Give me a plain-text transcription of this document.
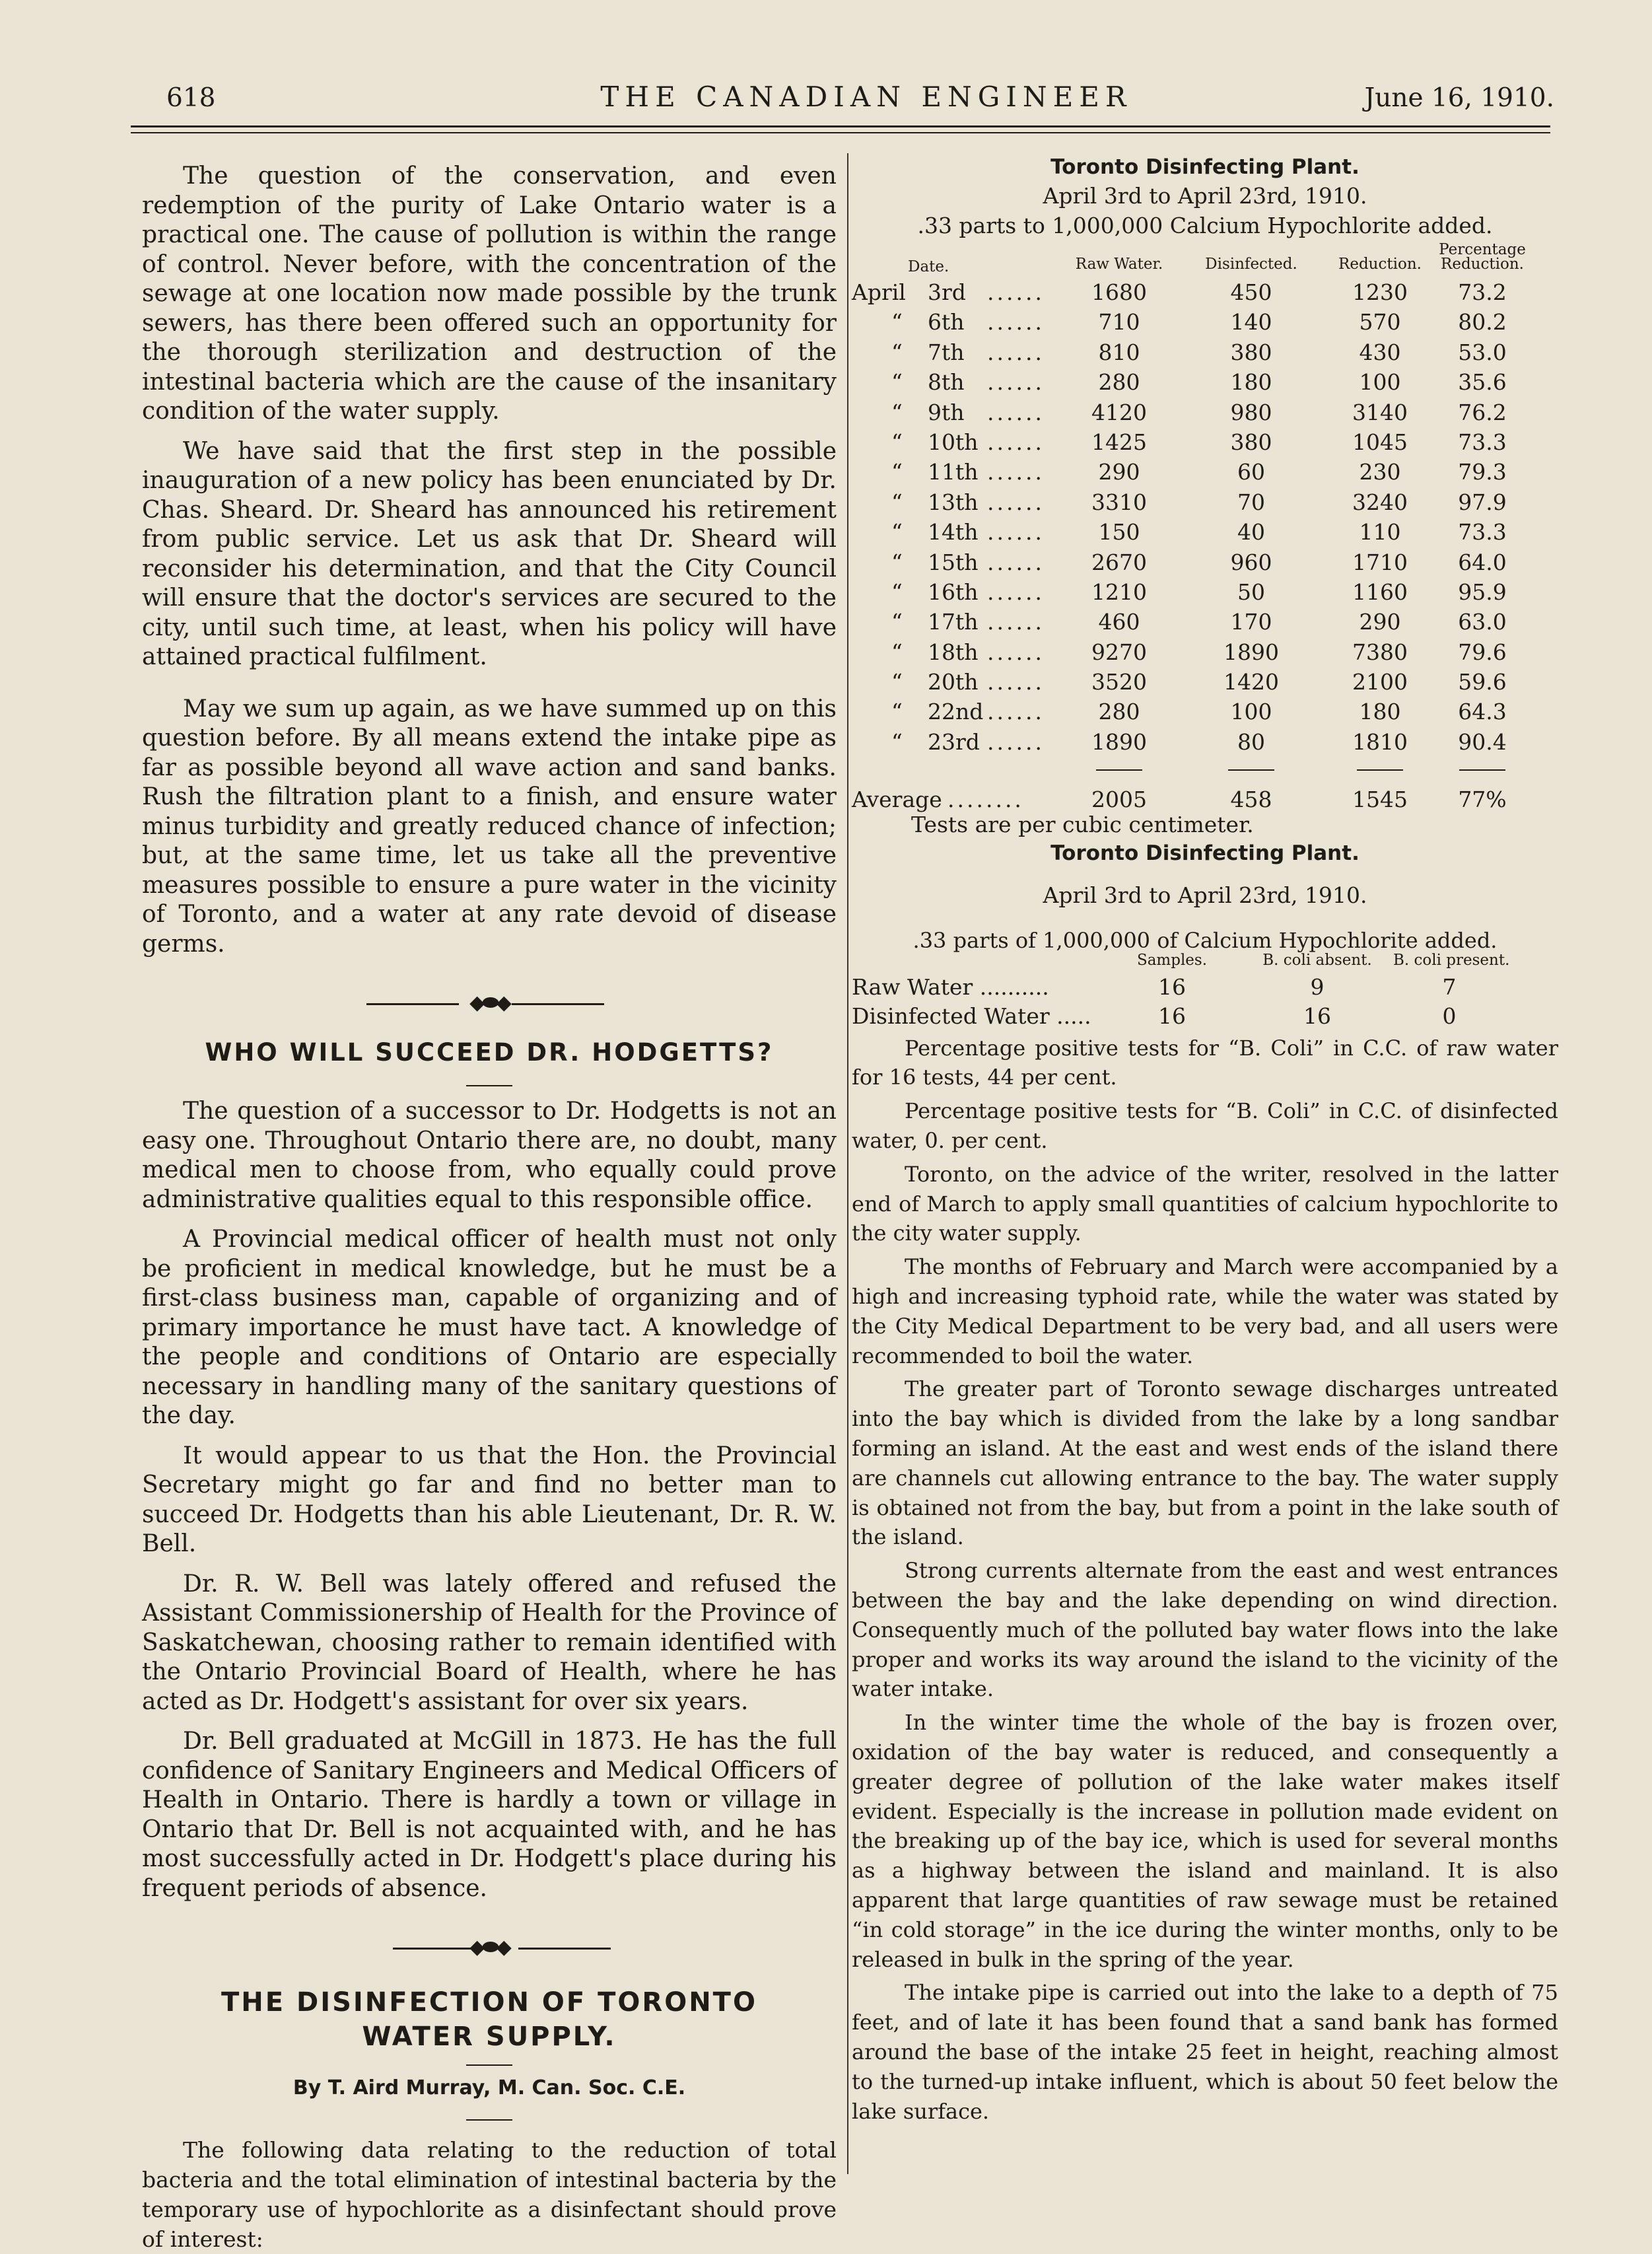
618	THE CANADIAN ENGINEER	June 16, 1910.

The question of the conservation, and even redemption of the purity of Lake Ontario water is a practical one. The cause of pollution is within the range of control. Never before, with the concentration of the sewage at one location now made possible by the trunk sewers, has there been offered such an opportunity for the thorough sterilization and destruction of the intestinal bacteria which are the cause of the insanitary condition of the water supply.

We have said that the first step in the possible inauguration of a new policy has been enunciated by Dr. Chas. Sheard. Dr. Sheard has announced his retirement from public service. Let us ask that Dr. Sheard will reconsider his determination, and that the City Council will ensure that the doctor's services are secured to the city, until such time, at least, when his policy will have attained practical fulfilment.

May we sum up again, as we have summed up on this question before. By all means extend the intake pipe as far as possible beyond all wave action and sand banks. Rush the filtration plant to a finish, and ensure water minus turbidity and greatly reduced chance of infection; but, at the same time, let us take all the preventive measures possible to ensure a pure water in the vicinity of Toronto, and a water at any rate devoid of disease germs.

◆⬬◆
WHO WILL SUCCEED DR. HODGETTS?

The question of a successor to Dr. Hodgetts is not an easy one. Throughout Ontario there are, no doubt, many medical men to choose from, who equally could prove administrative qualities equal to this responsible office.

A Provincial medical officer of health must not only be proficient in medical knowledge, but he must be a first-class business man, capable of organizing and of primary importance he must have tact. A knowledge of the people and conditions of Ontario are especially necessary in handling many of the sanitary questions of the day.

It would appear to us that the Hon. the Provincial Secretary might go far and find no better man to succeed Dr. Hodgetts than his able Lieutenant, Dr. R. W. Bell.

Dr. R. W. Bell was lately offered and refused the Assistant Commissionership of Health for the Province of Saskatchewan, choosing rather to remain identified with the Ontario Provincial Board of Health, where he has acted as Dr. Hodgett's assistant for over six years.

Dr. Bell graduated at McGill in 1873. He has the full confidence of Sanitary Engineers and Medical Officers of Health in Ontario. There is hardly a town or village in Ontario that Dr. Bell is not acquainted with, and he has most successfully acted in Dr. Hodgett's place during his frequent periods of absence.

◆⬬◆
THE DISINFECTION OF TORONTO WATER SUPPLY.
By T. Aird Murray, M. Can. Soc. C.E.

The following data relating to the reduction of total bacteria and the total elimination of intestinal bacteria by the temporary use of hypochlorite as a disinfectant should prove of interest:

Toronto Disinfecting Plant.
April 3rd to April 23rd, 1910.
.33 parts to 1,000,000 Calcium Hypochlorite added.
Percentage
Date.	Raw Water.	Disinfected.	Reduction.	Reduction.
April 3rd ......	1680	450	1230	73.2
“ 6th ......	710	140	570	80.2
“ 7th ......	810	380	430	53.0
“ 8th ......	280	180	100	35.6
“ 9th ......	4120	980	3140	76.2
“ 10th ......	1425	380	1045	73.3
“ 11th ......	290	60	230	79.3
“ 13th ......	3310	70	3240	97.9
“ 14th ......	150	40	110	73.3
“ 15th ......	2670	960	1710	64.0
“ 16th ......	1210	50	1160	95.9
“ 17th ......	460	170	290	63.0
“ 18th ......	9270	1890	7380	79.6
“ 20th ......	3520	1420	2100	59.6
“ 22nd ......	280	100	180	64.3
“ 23rd ......	1890	80	1810	90.4
Average ........	2005	458	1545	77%
Tests are per cubic centimeter.
Toronto Disinfecting Plant.
April 3rd to April 23rd, 1910.
.33 parts of 1,000,000 of Calcium Hypochlorite added.
Samples.	B. coli absent. B. coli present.
Raw Water ..........	16	9	7
Disinfected Water .....	16	16	0

Percentage positive tests for “B. Coli” in C.C. of raw water for 16 tests, 44 per cent.

Percentage positive tests for “B. Coli” in C.C. of disinfected water, 0. per cent.

Toronto, on the advice of the writer, resolved in the latter end of March to apply small quantities of calcium hypochlorite to the city water supply.

The months of February and March were accompanied by a high and increasing typhoid rate, while the water was stated by the City Medical Department to be very bad, and all users were recommended to boil the water.

The greater part of Toronto sewage discharges untreated into the bay which is divided from the lake by a long sandbar forming an island. At the east and west ends of the island there are channels cut allowing entrance to the bay. The water supply is obtained not from the bay, but from a point in the lake south of the island.

Strong currents alternate from the east and west entrances between the bay and the lake depending on wind direction. Consequently much of the polluted bay water flows into the lake proper and works its way around the island to the vicinity of the water intake.

In the winter time the whole of the bay is frozen over, oxidation of the bay water is reduced, and consequently a greater degree of pollution of the lake water makes itself evident. Especially is the increase in pollution made evident on the breaking up of the bay ice, which is used for several months as a highway between the island and mainland. It is also apparent that large quantities of raw sewage must be retained “in cold storage” in the ice during the winter months, only to be released in bulk in the spring of the year.

The intake pipe is carried out into the lake to a depth of 75 feet, and of late it has been found that a sand bank has formed around the base of the intake 25 feet in height, reaching almost to the turned-up intake influent, which is about 50 feet below the lake surface.
